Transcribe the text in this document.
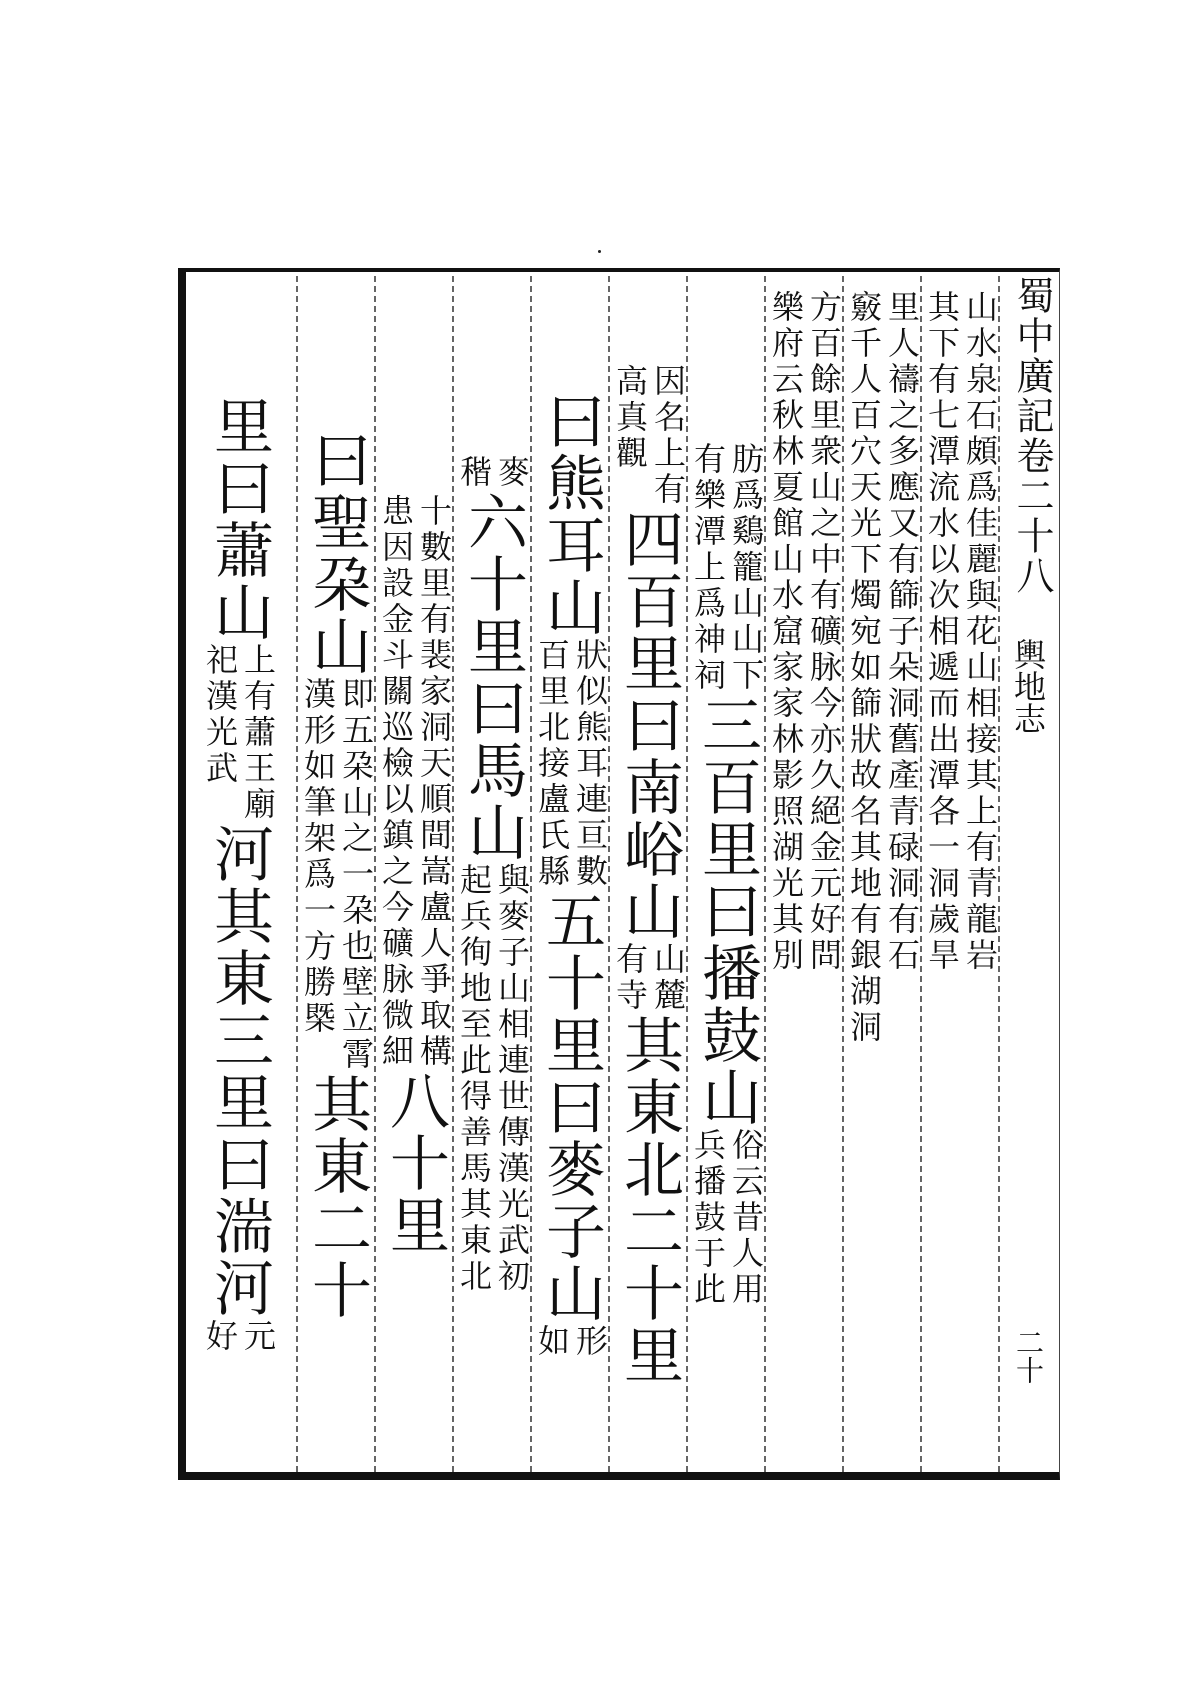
蜀中廣記卷二十八
輿地志
二十
山水泉石頗爲佳麗與花山相接其上有青龍岩
其下有七潭流水以次相遞而出潭各一洞歲旱
里人禱之多應又有篩子朵洞舊產青碌洞有石
竅千人百穴天光下燭宛如篩狀故名其地有銀湖洞
方百餘里衆山之中有礦脉今亦久絕金元好問
樂府云秋林夏館山水窟家家林影照湖光其別
肪爲鷄籠山山下
有樂潭上爲神祠
三百里曰播鼓山
俗云昔人用
兵播鼓于此
因名上有
高真觀
四百里曰南峪山
山麓
有寺
其東北二十里
曰熊耳山
狀似熊耳連亘數
百里北接盧氏縣
五十里曰麥子山
形
如
麥
稭
六十里曰馬山
與麥子山相連世傳漢光武初
起兵徇地至此得善馬其東北
十數里有裴家洞天順間嵩盧人爭取構
患因設金斗關巡檢以鎮之今礦脉微細
八十里
曰聖朶山
即五朶山之一朶也壁立霄
漢形如筆架爲一方勝槩
其東二十
里曰蕭山
上有蕭王廟
祀漢光武
河其東三里曰湍河
元
好
